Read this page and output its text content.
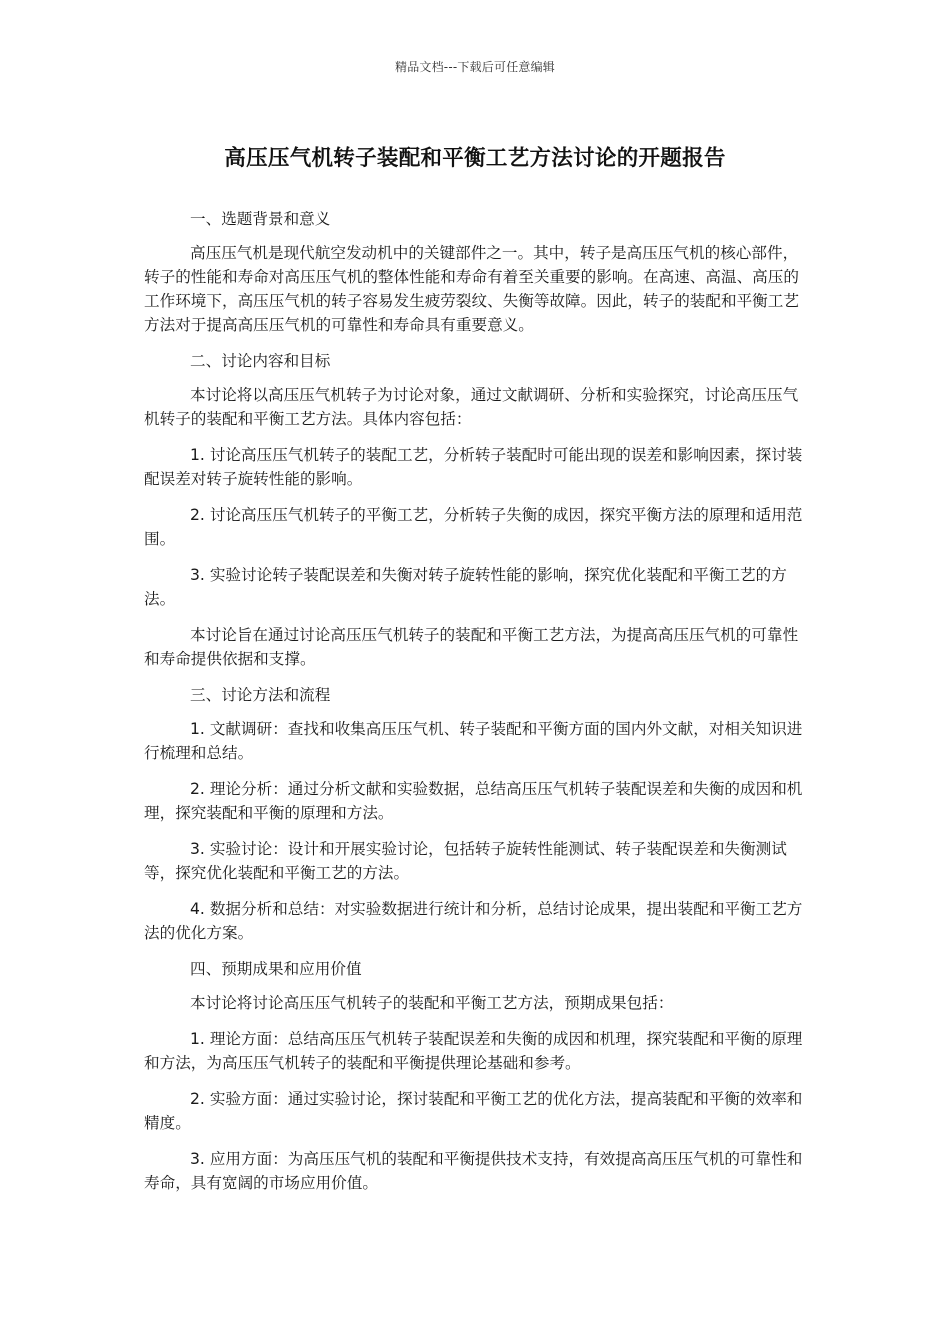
精品文档---下载后可任意编辑
高压压气机转子装配和平衡工艺方法讨论的开题报告

一、选题背景和意义

高压压气机是现代航空发动机中的关键部件之一。其中，转子是高压压气机的核心部件，转子的性能和寿命对高压压气机的整体性能和寿命有着至关重要的影响。在高速、高温、高压的工作环境下，高压压气机的转子容易发生疲劳裂纹、失衡等故障。因此，转子的装配和平衡工艺方法对于提高高压压气机的可靠性和寿命具有重要意义。

二、讨论内容和目标

本讨论将以高压压气机转子为讨论对象，通过文献调研、分析和实验探究，讨论高压压气机转子的装配和平衡工艺方法。具体内容包括：

1. 讨论高压压气机转子的装配工艺，分析转子装配时可能出现的误差和影响因素，探讨装配误差对转子旋转性能的影响。

2. 讨论高压压气机转子的平衡工艺，分析转子失衡的成因，探究平衡方法的原理和适用范围。

3. 实验讨论转子装配误差和失衡对转子旋转性能的影响，探究优化装配和平衡工艺的方法。

本讨论旨在通过讨论高压压气机转子的装配和平衡工艺方法，为提高高压压气机的可靠性和寿命提供依据和支撑。

三、讨论方法和流程

1. 文献调研：查找和收集高压压气机、转子装配和平衡方面的国内外文献，对相关知识进行梳理和总结。

2. 理论分析：通过分析文献和实验数据，总结高压压气机转子装配误差和失衡的成因和机理，探究装配和平衡的原理和方法。

3. 实验讨论：设计和开展实验讨论，包括转子旋转性能测试、转子装配误差和失衡测试等，探究优化装配和平衡工艺的方法。

4. 数据分析和总结：对实验数据进行统计和分析，总结讨论成果，提出装配和平衡工艺方法的优化方案。

四、预期成果和应用价值

本讨论将讨论高压压气机转子的装配和平衡工艺方法，预期成果包括：

1. 理论方面：总结高压压气机转子装配误差和失衡的成因和机理，探究装配和平衡的原理和方法，为高压压气机转子的装配和平衡提供理论基础和参考。

2. 实验方面：通过实验讨论，探讨装配和平衡工艺的优化方法，提高装配和平衡的效率和精度。

3. 应用方面：为高压压气机的装配和平衡提供技术支持，有效提高高压压气机的可靠性和寿命，具有宽阔的市场应用价值。
